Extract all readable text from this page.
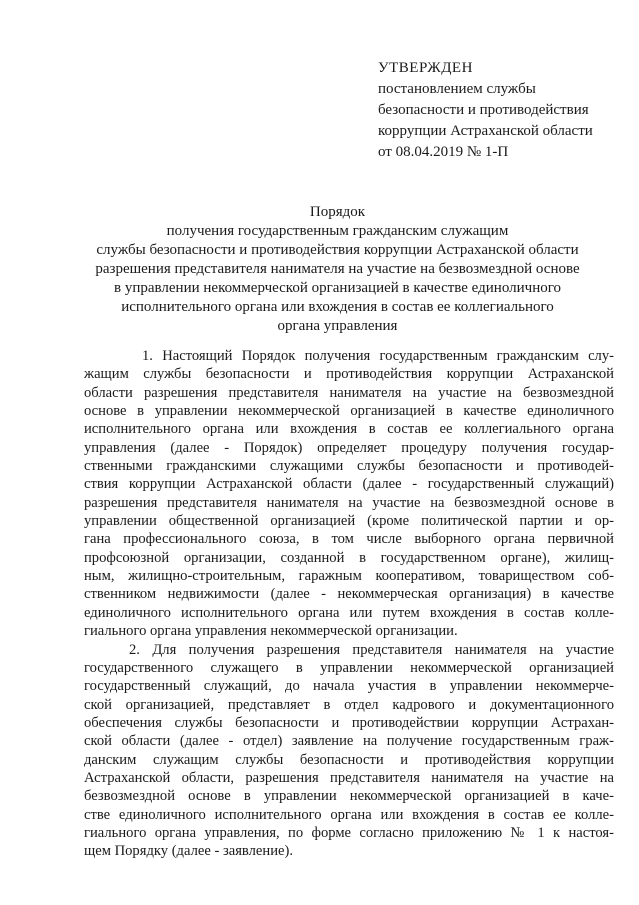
УТВЕРЖДЕН
постановлением службы
безопасности и противодействия
коррупции Астраханской области
от 08.04.2019 № 1-П
Порядок
получения государственным гражданским служащим
службы безопасности и противодействия коррупции Астраханской области
разрешения представителя нанимателя на участие на безвозмездной основе
в управлении некоммерческой организацией в качестве единоличного
исполнительного органа или вхождения в состав ее коллегиального
органа управления
1. Настоящий Порядок получения государственным гражданским слу-
жащим службы безопасности и противодействия коррупции Астраханской
области разрешения представителя нанимателя на участие на безвозмездной
основе в управлении некоммерческой организацией в качестве единоличного
исполнительного органа или вхождения в состав ее коллегиального органа
управления (далее - Порядок) определяет процедуру получения государ-
ственными гражданскими служащими службы безопасности и противодей-
ствия коррупции Астраханской области (далее - государственный служащий)
разрешения представителя нанимателя на участие на безвозмездной основе в
управлении общественной организацией (кроме политической партии и ор-
гана профессионального союза, в том числе выборного органа первичной
профсоюзной организации, созданной в государственном органе), жилищ-
ным, жилищно-строительным, гаражным кооперативом, товариществом соб-
ственником недвижимости (далее - некоммерческая организация) в качестве
единоличного исполнительного органа или путем вхождения в состав колле-
гиального органа управления некоммерческой организации.
2. Для получения разрешения представителя нанимателя на участие
государственного служащего в управлении некоммерческой организацией
государственный служащий, до начала участия в управлении некоммерче-
ской организацией, представляет в отдел кадрового и документационного
обеспечения службы безопасности и противодействии коррупции Астрахан-
ской области (далее - отдел) заявление на получение государственным граж-
данским служащим службы безопасности и противодействия коррупции
Астраханской области, разрешения представителя нанимателя на участие на
безвозмездной основе в управлении некоммерческой организацией в каче-
стве единоличного исполнительного органа или вхождения в состав ее колле-
гиального органа управления, по форме согласно приложению № 1 к настоя-
щем Порядку (далее - заявление).
